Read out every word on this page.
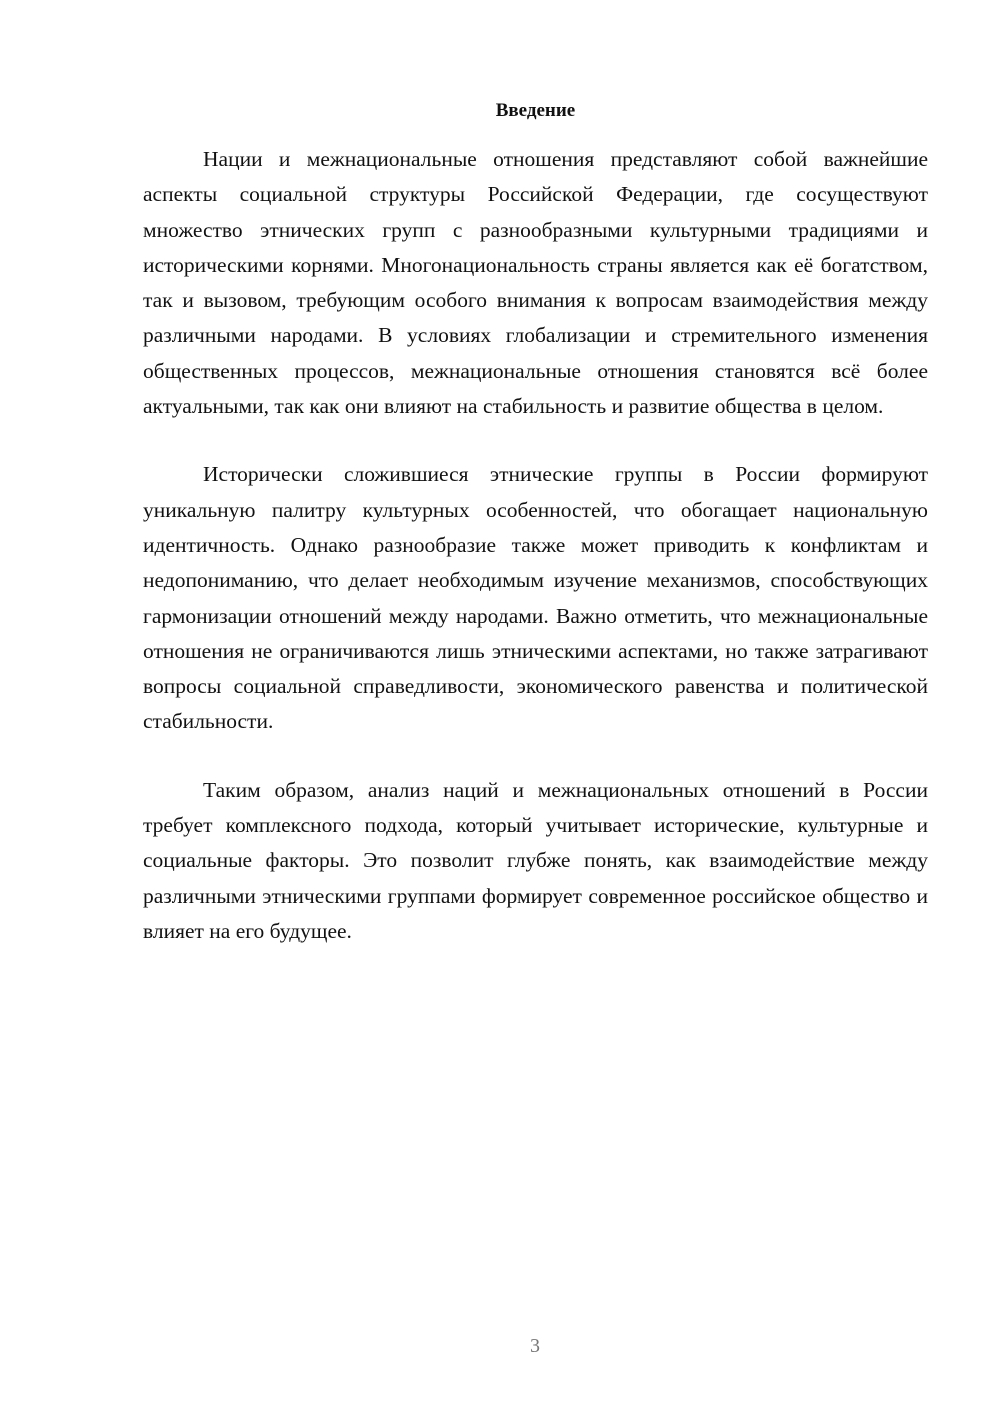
Введение

Нации и межнациональные отношения представляют собой важнейшие аспекты социальной структуры Российской Федерации, где сосуществуют множество этнических групп с разнообразными культурными традициями и историческими корнями. Многонациональность страны является как её богатством, так и вызовом, требующим особого внимания к вопросам взаимодействия между различными народами. В условиях глобализации и стремительного изменения общественных процессов, межнациональные отношения становятся всё более актуальными, так как они влияют на стабильность и развитие общества в целом.

Исторически сложившиеся этнические группы в России формируют уникальную палитру культурных особенностей, что обогащает национальную идентичность. Однако разнообразие также может приводить к конфликтам и недопониманию, что делает необходимым изучение механизмов, способствующих гармонизации отношений между народами. Важно отметить, что межнациональные отношения не ограничиваются лишь этническими аспектами, но также затрагивают вопросы социальной справедливости, экономического равенства и политической стабильности.

Таким образом, анализ наций и межнациональных отношений в России требует комплексного подхода, который учитывает исторические, культурные и социальные факторы. Это позволит глубже понять, как взаимодействие между различными этническими группами формирует современное российское общество и влияет на его будущее.

3
